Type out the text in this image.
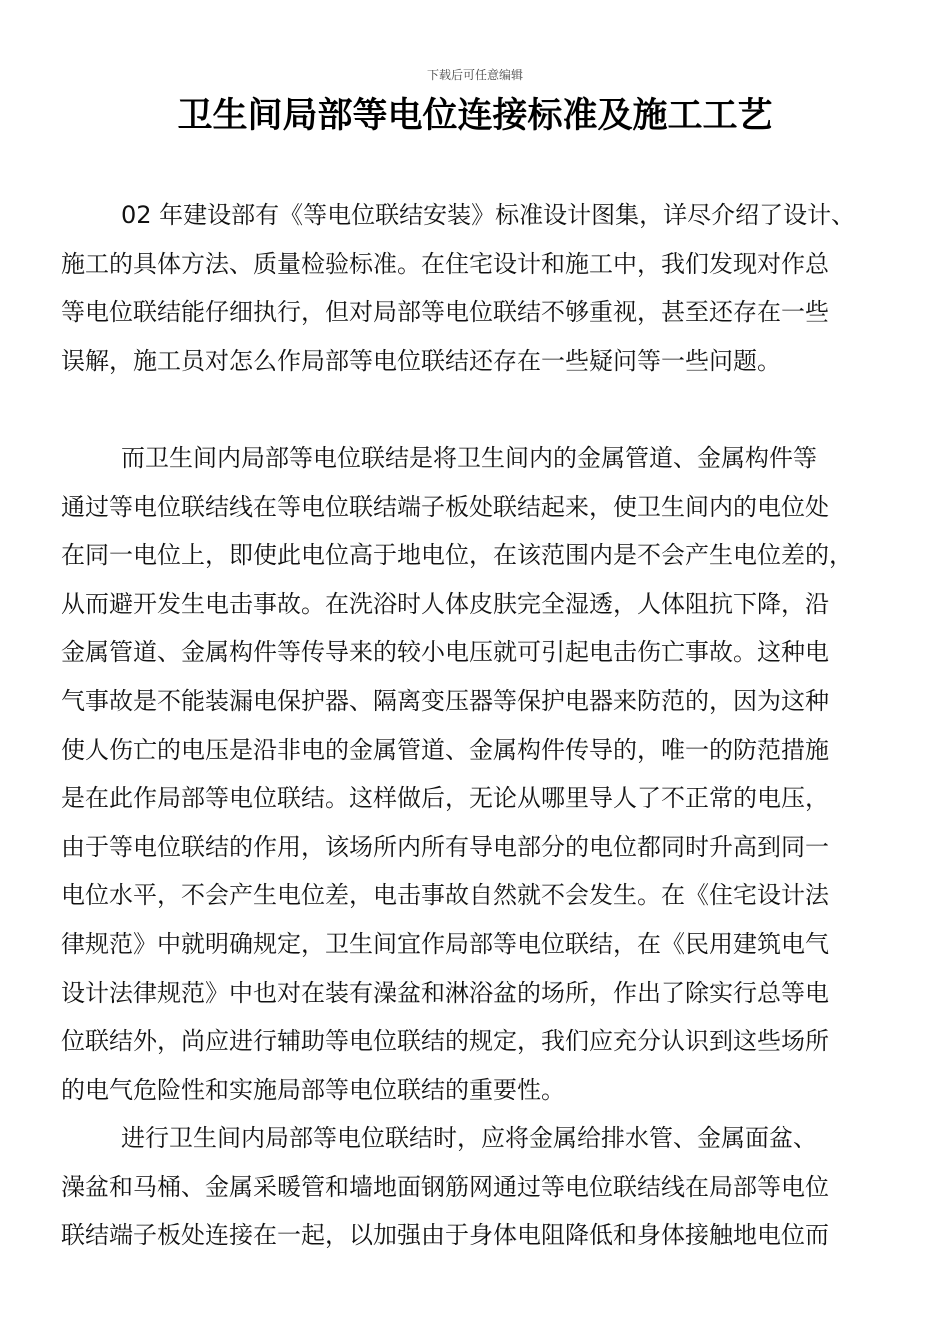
下载后可任意编辑
卫生间局部等电位连接标准及施工工艺
02 年建设部有《等电位联结安装》标准设计图集，详尽介绍了设计、
施工的具体方法、质量检验标准。在住宅设计和施工中，我们发现对作总
等电位联结能仔细执行，但对局部等电位联结不够重视，甚至还存在一些
误解，施工员对怎么作局部等电位联结还存在一些疑问等一些问题。
而卫生间内局部等电位联结是将卫生间内的金属管道、金属构件等
通过等电位联结线在等电位联结端子板处联结起来，使卫生间内的电位处
在同一电位上，即使此电位高于地电位，在该范围内是不会产生电位差的，
从而避开发生电击事故。在洗浴时人体皮肤完全湿透，人体阻抗下降，沿
金属管道、金属构件等传导来的较小电压就可引起电击伤亡事故。这种电
气事故是不能装漏电保护器、隔离变压器等保护电器来防范的，因为这种
使人伤亡的电压是沿非电的金属管道、金属构件传导的，唯一的防范措施
是在此作局部等电位联结。这样做后，无论从哪里导人了不正常的电压，
由于等电位联结的作用，该场所内所有导电部分的电位都同时升高到同一
电位水平，不会产生电位差，电击事故自然就不会发生。在《住宅设计法
律规范》中就明确规定，卫生间宜作局部等电位联结，在《民用建筑电气
设计法律规范》中也对在装有澡盆和淋浴盆的场所，作出了除实行总等电
位联结外，尚应进行辅助等电位联结的规定，我们应充分认识到这些场所
的电气危险性和实施局部等电位联结的重要性。
进行卫生间内局部等电位联结时，应将金属给排水管、金属面盆、
澡盆和马桶、金属采暖管和墙地面钢筋网通过等电位联结线在局部等电位
联结端子板处连接在一起，以加强由于身体电阻降低和身体接触地电位而
